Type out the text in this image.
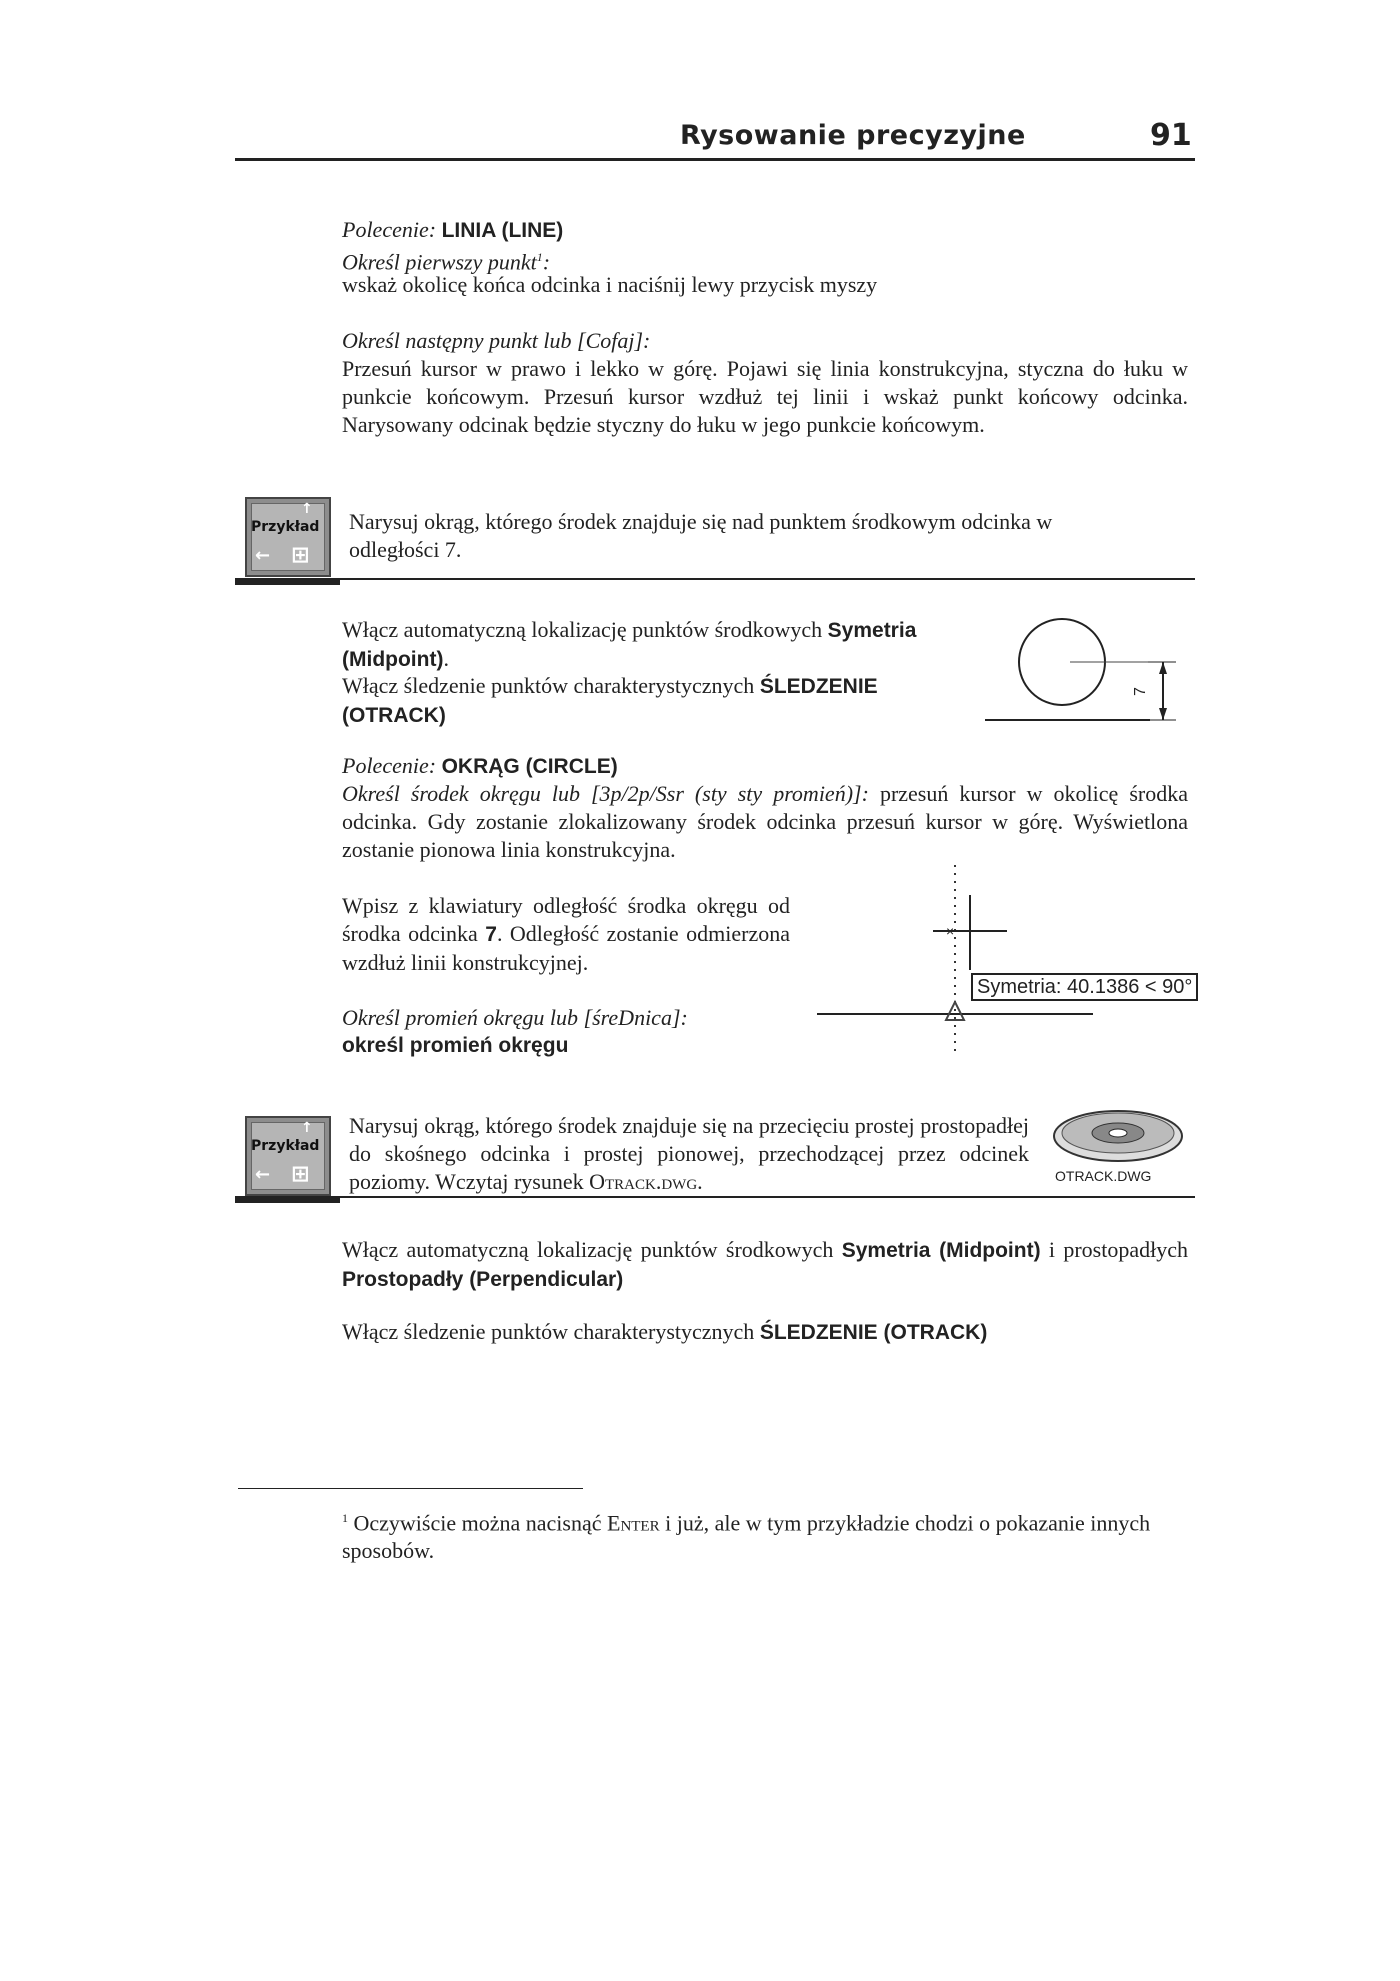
Rysowanie precyzyjne	91
Polecenie: LINIA (LINE)
Określ pierwszy punkt$^1$:
wskaż okolicę końca odcinka i naciśnij lewy przycisk myszy
Określ następny punkt lub [Cofaj]:
Przesuń kursor w prawo i lekko w górę. Pojawi się linia konstrukcyjna, styczna do łuku w punkcie końcowym. Przesuń kursor wzdłuż tej linii i wskaż punkt końcowy odcinka. Narysowany odcinak będzie styczny do łuku w jego punkcie końcowym.
↑
Przykład
← ⊞
Narysuj okrąg, którego środek znajduje się nad punktem środkowym odcinka w odległości 7.
Włącz automatyczną lokalizację punktów środkowych Symetria (Midpoint).
Włącz śledzenie punktów charakterystycznych ŚLEDZENIE (OTRACK)
7
Polecenie: OKRĄG (CIRCLE)
Określ środek okręgu lub [3p/2p/Ssr (sty sty promień)]: przesuń kursor w okolicę środka odcinka. Gdy zostanie zlokalizowany środek odcinka przesuń kursor w górę. Wyświetlona zostanie pionowa linia konstrukcyjna.
Wpisz z klawiatury odległość środka okręgu od środka odcinka 7. Odległość zostanie odmierzona wzdłuż linii konstrukcyjnej.
Określ promień okręgu lub [śreDnica]:
określ promień okręgu
×
Symetria: 40.1386 < 90°
↑
Przykład
← ⊞
Narysuj okrąg, którego środek znajduje się na przecięciu prostej prostopadłej do skośnego odcinka i prostej pionowej, przechodzącej przez odcinek poziomy. Wczytaj rysunek Otrack.dwg.	OTRACK.DWG
Włącz automatyczną lokalizację punktów środkowych Symetria (Midpoint) i prostopadłych Prostopadły (Perpendicular)
Włącz śledzenie punktów charakterystycznych ŚLEDZENIE (OTRACK)
$^1$ Oczywiście można nacisnąć Enter i już, ale w tym przykładzie chodzi o pokazanie innych sposobów.
